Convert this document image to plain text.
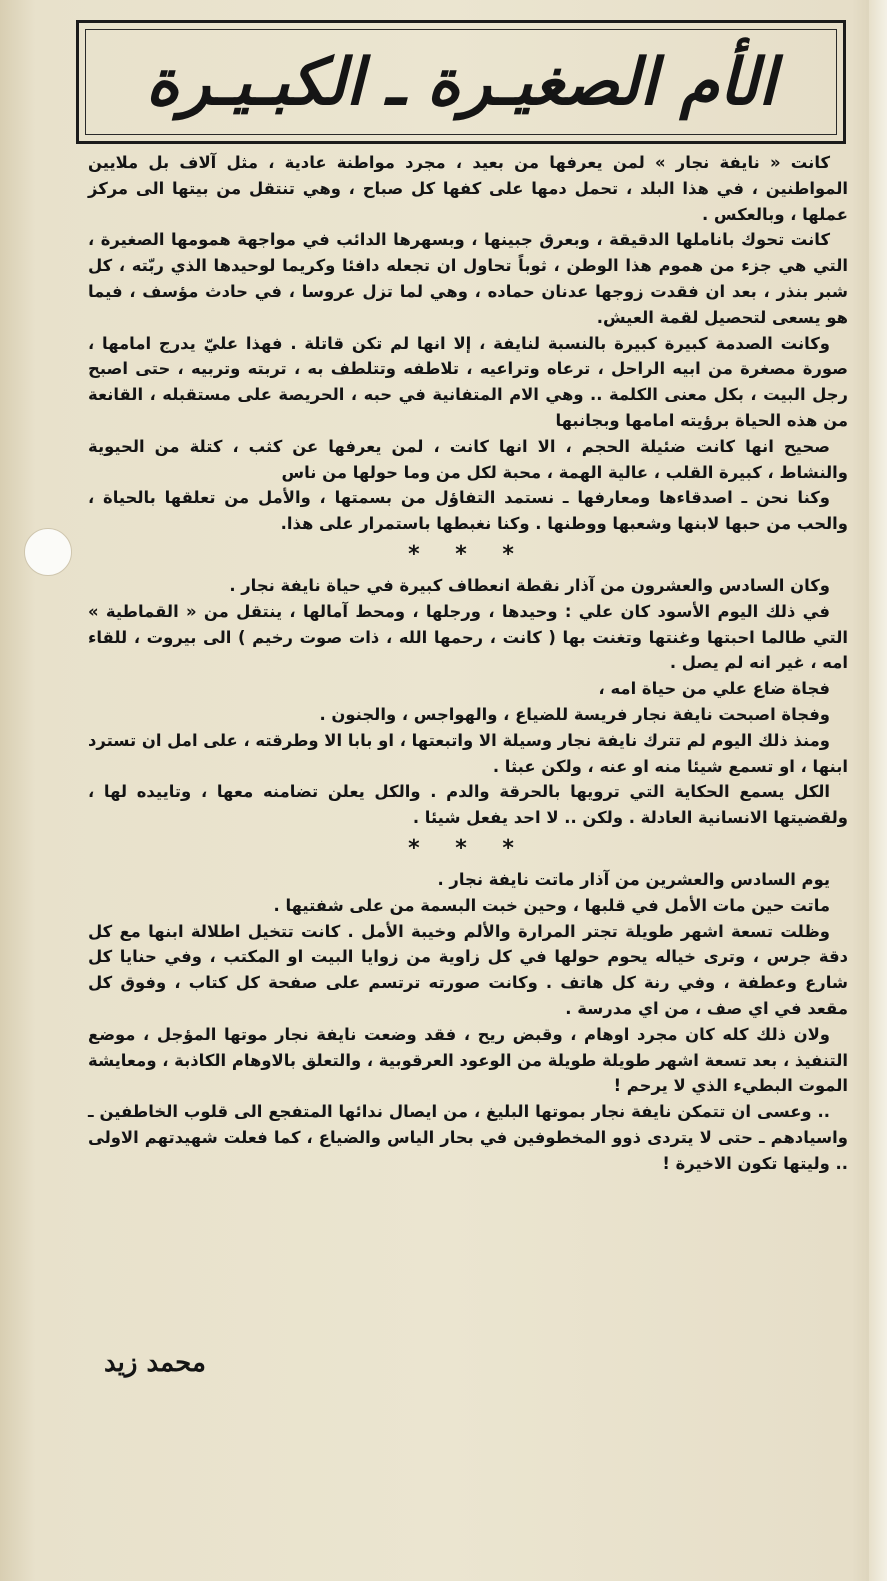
الأم الصغيـرة ـ الكبـيـرة

كانت « نايفة نجار » لمن يعرفها من بعيد ، مجرد مواطنة عادية ، مثل آلاف بل ملايين المواطنين ، في هذا البلد ، تحمل دمها على كفها كل صباح ، وهي تنتقل من بيتها الى مركز عملها ، وبالعكس .

كانت تحوك باناملها الدقيقة ، وبعرق جبينها ، وبسهرها الدائب في مواجهة همومها الصغيرة ، التي هي جزء من هموم هذا الوطن ، ثوباً تحاول ان تجعله دافئا وكريما لوحيدها الذي ربّته ، كل شبر بنذر ، بعد ان فقدت زوجها عدنان حماده ، وهي لما تزل عروسا ، في حادث مؤسف ، فيما هو يسعى لتحصيل لقمة العيش.

وكانت الصدمة كبيرة كبيرة بالنسبة لنايفة ، إلا انها لم تكن قاتلة . فهذا عليّ يدرج امامها ، صورة مصغرة من ابيه الراحل ، ترعاه وتراعيه ، تلاطفه وتتلطف به ، تربته وتربيه ، حتى اصبح رجل البيت ، بكل معنى الكلمة .. وهي الام المتفانية في حبه ، الحريصة على مستقبله ، القانعة من هذه الحياة برؤيته امامها وبجانبها

صحيح انها كانت ضئيلة الحجم ، الا انها كانت ، لمن يعرفها عن كثب ، كتلة من الحيوية والنشاط ، كبيرة القلب ، عالية الهمة ، محبة لكل من وما حولها من ناس

وكنا نحن ـ اصدقاءها ومعارفها ـ نستمد التفاؤل من بسمتها ، والأمل من تعلقها بالحياة ، والحب من حبها لابنها وشعبها ووطنها . وكنا نغبطها باستمرار على هذا.

* * *

وكان السادس والعشرون من آذار نقطة انعطاف كبيرة في حياة نايفة نجار .

في ذلك اليوم الأسود كان علي : وحيدها ، ورجلها ، ومحط آمالها ، ينتقل من « القماطية » التي طالما احبتها وغنتها وتغنت بها ( كانت ، رحمها الله ، ذات صوت رخيم ) الى بيروت ، للقاء امه ، غير انه لم يصل .

فجاة ضاع علي من حياة امه ،

وفجاة اصبحت نايفة نجار فريسة للضياع ، والهواجس ، والجنون .

ومنذ ذلك اليوم لم تترك نايفة نجار وسيلة الا واتبعتها ، او بابا الا وطرقته ، على امل ان تسترد ابنها ، او تسمع شيئا منه او عنه ، ولكن عبثا .

الكل يسمع الحكاية التي ترويها بالحرقة والدم . والكل يعلن تضامنه معها ، وتاييده لها ، ولقضيتها الانسانية العادلة . ولكن .. لا احد يفعل شيئا .

* * *

يوم السادس والعشرين من آذار ماتت نايفة نجار .

ماتت حين مات الأمل في قلبها ، وحين خبت البسمة من على شفتيها .

وظلت تسعة اشهر طويلة تجتر المرارة والألم وخيبة الأمل . كانت تتخيل اطلالة ابنها مع كل دقة جرس ، وترى خياله يحوم حولها في كل زاوية من زوايا البيت او المكتب ، وفي حنايا كل شارع وعطفة ، وفي رنة كل هاتف . وكانت صورته ترتسم على صفحة كل كتاب ، وفوق كل مقعد في اي صف ، من اي مدرسة .

ولان ذلك كله كان مجرد اوهام ، وقبض ريح ، فقد وضعت نايفة نجار موتها المؤجل ، موضع التنفيذ ، بعد تسعة اشهر طويلة طويلة من الوعود العرقوبية ، والتعلق بالاوهام الكاذبة ، ومعايشة الموت البطيء الذي لا يرحم !

.. وعسى ان تتمكن نايفة نجار بموتها البليغ ، من ايصال ندائها المتفجع الى قلوب الخاطفين ـ واسيادهم ـ حتى لا يتردى ذوو المخطوفين في بحار الياس والضياع ، كما فعلت شهيدتهم الاولى .. وليتها تكون الاخيرة !

محمد زيد
